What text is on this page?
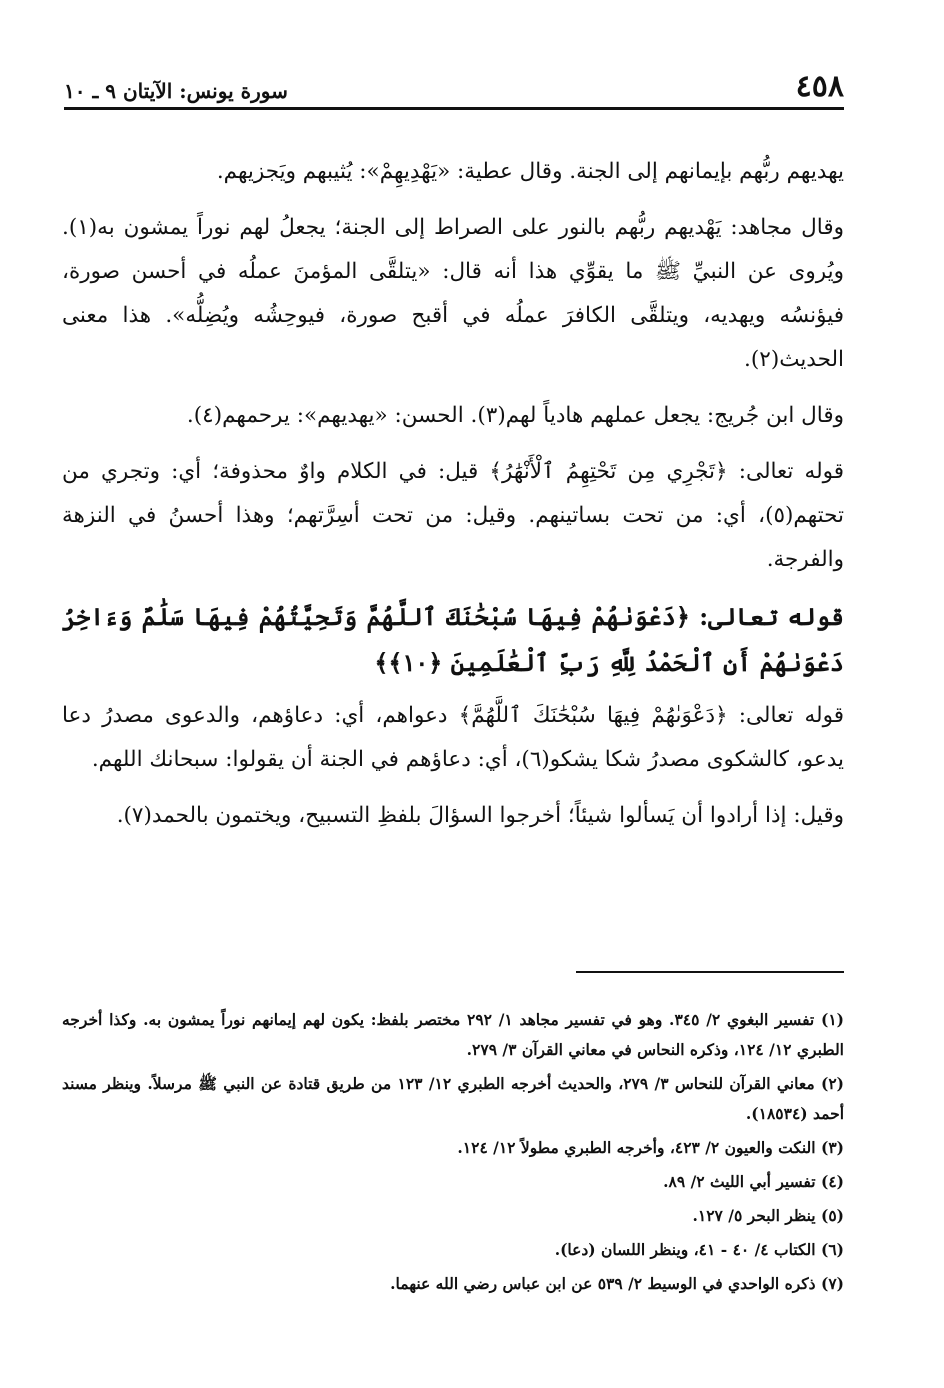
٤٥٨
سورة يونس: الآيتان ٩ ـ ١٠

يهديهم ربُّهم بإيمانهم إلى الجنة. وقال عطية: «يَهْدِيهِمْ»: يُثيبهم ويَجزيهم.

وقال مجاهد: يَهْديهم ربُّهم بالنور على الصراط إلى الجنة؛ يجعلُ لهم نوراً يمشون به(١). ويُروى عن النبيِّ ﷺ ما يقوِّي هذا أنه قال: «يتلقَّى المؤمنَ عملُه في أحسن صورة، فيؤنسُه ويهديه، ويتلقَّى الكافرَ عملُه في أقبح صورة، فيوحِشُه ويُضِلُّه». هذا معنى الحديث(٢).

وقال ابن جُريج: يجعل عملهم هادياً لهم(٣). الحسن: «يهديهم»: يرحمهم(٤).

قوله تعالى: ﴿تَجْرِي مِن تَحْتِهِمُ ٱلْأَنْهَٰرُ﴾ قيل: في الكلام واوٌ محذوفة؛ أي: وتجري من تحتهم(٥)، أي: من تحت بساتينهم. وقيل: من تحت أسِرَّتهم؛ وهذا أحسنُ في النزهة والفرجة.

قوله تعالى: ﴿دَعْوَىٰهُمْ فِيهَا سُبْحَٰنَكَ ٱللَّهُمَّ وَتَحِيَّتُهُمْ فِيهَا سَلَٰمٌ وَءَاخِرُ دَعْوَىٰهُمْ أَنِ ٱلْحَمْدُ لِلَّهِ رَبِّ ٱلْعَٰلَمِينَ ﴿١٠﴾﴾

قوله تعالى: ﴿دَعْوَىٰهُمْ فِيهَا سُبْحَٰنَكَ ٱللَّهُمَّ﴾ دعواهم، أي: دعاؤهم، والدعوى مصدرُ دعا يدعو، كالشكوى مصدرُ شكا يشكو(٦)، أي: دعاؤهم في الجنة أن يقولوا: سبحانك اللهم.

وقيل: إذا أرادوا أن يَسألوا شيئاً؛ أخرجوا السؤالَ بلفظِ التسبيح، ويختمون بالحمد(٧).

(١) تفسير البغوي ٢/ ٣٤٥. وهو في تفسير مجاهد ١/ ٢٩٢ مختصر بلفظ: يكون لهم إيمانهم نوراً يمشون به. وكذا أخرجه الطبري ١٢/ ١٢٤، وذكره النحاس في معاني القرآن ٣/ ٢٧٩.

(٢) معاني القرآن للنحاس ٣/ ٢٧٩، والحديث أخرجه الطبري ١٢/ ١٢٣ من طريق قتادة عن النبي ﷺ مرسلاً. وينظر مسند أحمد (١٨٥٣٤).

(٣) النكت والعيون ٢/ ٤٢٣، وأخرجه الطبري مطولاً ١٢/ ١٢٤.

(٤) تفسير أبي الليث ٢/ ٨٩.

(٥) ينظر البحر ٥/ ١٢٧.

(٦) الكتاب ٤/ ٤٠ - ٤١، وينظر اللسان (دعا).

(٧) ذكره الواحدي في الوسيط ٢/ ٥٣٩ عن ابن عباس رضي الله عنهما.
